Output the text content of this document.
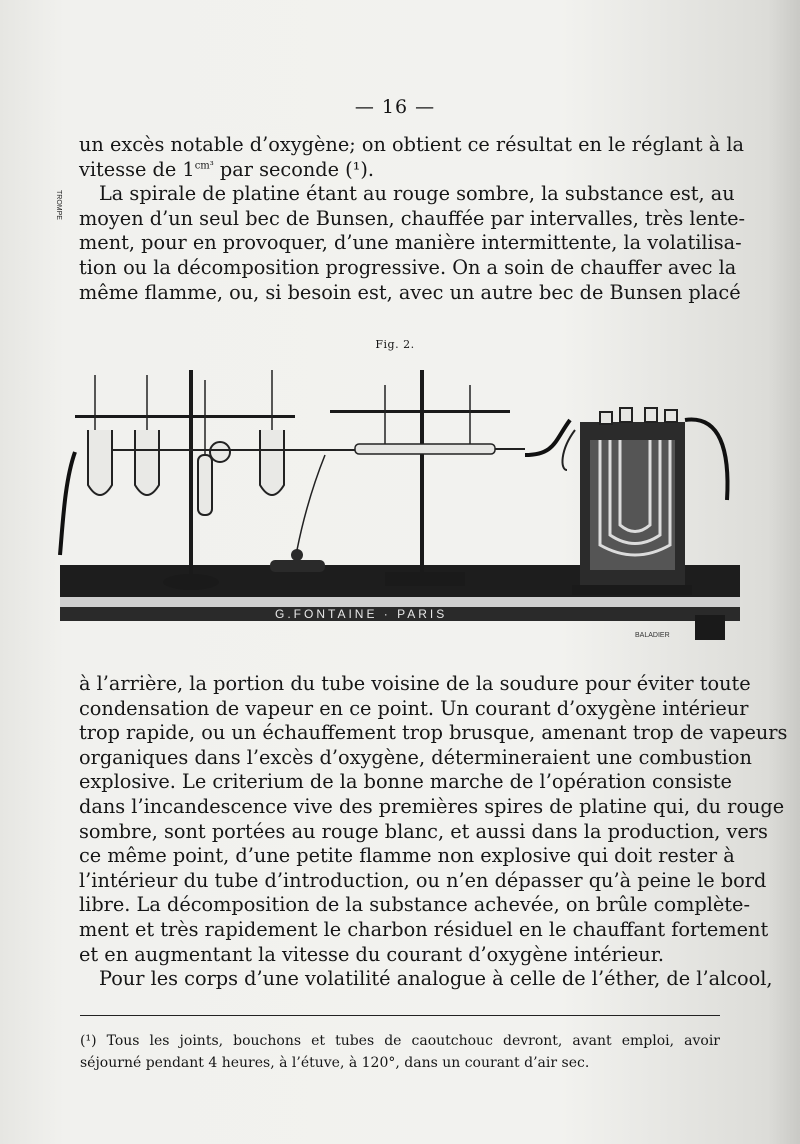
— 16 —
un excès notable d’oxygène; on obtient ce résultat en le réglant à la
vitesse de $1^{cm^3}$ par seconde (¹).
La spirale de platine étant au rouge sombre, la substance est, au
moyen d’un seul bec de Bunsen, chauffée par intervalles, très lente-
ment, pour en provoquer, d’une manière intermittente, la volatilisa-
tion ou la décomposition progressive. On a soin de chauffer avec la
même flamme, ou, si besoin est, avec un autre bec de Bunsen placé
Fig. 2.
G.FONTAINE · PARIS
BALADIER
TROMPE
à l’arrière, la portion du tube voisine de la soudure pour éviter toute
condensation de vapeur en ce point. Un courant d’oxygène intérieur
trop rapide, ou un échauffement trop brusque, amenant trop de vapeurs
organiques dans l’excès d’oxygène, détermineraient une combustion
explosive. Le criterium de la bonne marche de l’opération consiste
dans l’incandescence vive des premières spires de platine qui, du rouge
sombre, sont portées au rouge blanc, et aussi dans la production, vers
ce même point, d’une petite flamme non explosive qui doit rester à
l’intérieur du tube d’introduction, ou n’en dépasser qu’à peine le bord
libre. La décomposition de la substance achevée, on brûle complète-
ment et très rapidement le charbon résiduel en le chauffant fortement
et en augmentant la vitesse du courant d’oxygène intérieur.
Pour les corps d’une volatilité analogue à celle de l’éther, de l’alcool,
(¹) Tous les joints, bouchons et tubes de caoutchouc devront, avant emploi, avoir
séjourné pendant 4 heures, à l’étuve, à 120°, dans un courant d’air sec.
